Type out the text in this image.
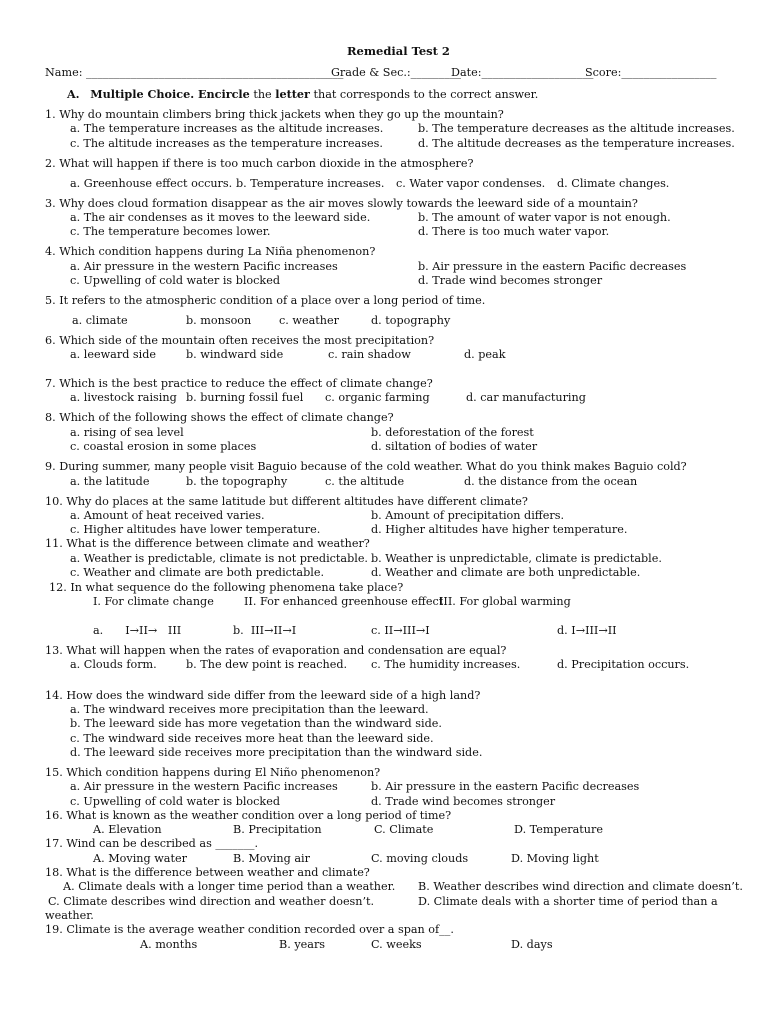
Remedial Test 2
Name: ______________________________________________
Grade & Sec.:_________
Date:____________________
Score:_________________
A. Multiple Choice. Encircle the letter that corresponds to the correct answer.
1. Why do mountain climbers bring thick jackets when they go up the mountain?
a. The temperature increases as the altitude increases.	b. The temperature decreases as the altitude increases.
c. The altitude increases as the temperature increases.	d. The altitude decreases as the temperature increases.
2. What will happen if there is too much carbon dioxide in the atmosphere?
a. Greenhouse effect occurs. b. Temperature increases. c. Water vapor condenses. d. Climate changes.
3. Why does cloud formation disappear as the air moves slowly towards the leeward side of a mountain?
a. The air condenses as it moves to the leeward side.	b. The amount of water vapor is not enough.
c. The temperature becomes lower.	d. There is too much water vapor.
4. Which condition happens during La Niña phenomenon?
a. Air pressure in the western Pacific increases	b. Air pressure in the eastern Pacific decreases
c. Upwelling of cold water is blocked	d. Trade wind becomes stronger
5. It refers to the atmospheric condition of a place over a long period of time.
a. climate	b. monsoon c. weather	d. topography
6. Which side of the mountain often receives the most precipitation?
a. leeward side	b. windward side	c. rain shadow	d. peak
7. Which is the best practice to reduce the effect of climate change?
a. livestock raising b. burning fossil fuel c. organic farming	d. car manufacturing
8. Which of the following shows the effect of climate change?
a. rising of sea level	b. deforestation of the forest
c. coastal erosion in some places	d. siltation of bodies of water
9. During summer, many people visit Baguio because of the cold weather. What do you think makes Baguio cold?
a. the latitude	b. the topography	c. the altitude	d. the distance from the ocean
10. Why do places at the same latitude but different altitudes have different climate?
a. Amount of heat received varies.	b. Amount of precipitation differs.
c. Higher altitudes have lower temperature.	d. Higher altitudes have higher temperature.
11. What is the difference between climate and weather?
a. Weather is predictable, climate is not predictable. b. Weather is unpredictable, climate is predictable.
c. Weather and climate are both predictable.	d. Weather and climate are both unpredictable.
12. In what sequence do the following phenomena take place?
I. For climate change	II. For enhanced greenhouse effect
III. For global warming
a. I→II→ III	b. III→II→I	c. II→III→I	d. I→III→II
13. What will happen when the rates of evaporation and condensation are equal?
a. Clouds form.	b. The dew point is reached. c. The humidity increases.	d. Precipitation occurs.
14. How does the windward side differ from the leeward side of a high land?
a. The windward receives more precipitation than the leeward.
b. The leeward side has more vegetation than the windward side.
c. The windward side receives more heat than the leeward side.
d. The leeward side receives more precipitation than the windward side.
15. Which condition happens during El Niño phenomenon?
a. Air pressure in the western Pacific increases	b. Air pressure in the eastern Pacific decreases
c. Upwelling of cold water is blocked	d. Trade wind becomes stronger
16. What is known as the weather condition over a long period of time?
A. Elevation	B. Precipitation	C. Climate	D. Temperature
17. Wind can be described as _______.
A. Moving water	B. Moving air	C. moving clouds	D. Moving light
18. What is the difference between weather and climate?
A. Climate deals with a longer time period than a weather. B. Weather describes wind direction and climate doesn’t.
C. Climate describes wind direction and weather doesn’t.	D. Climate deals with a shorter time of period than a
weather.
19. Climate is the average weather condition recorded over a span of__.
A. months	B. years	C. weeks	D. days
